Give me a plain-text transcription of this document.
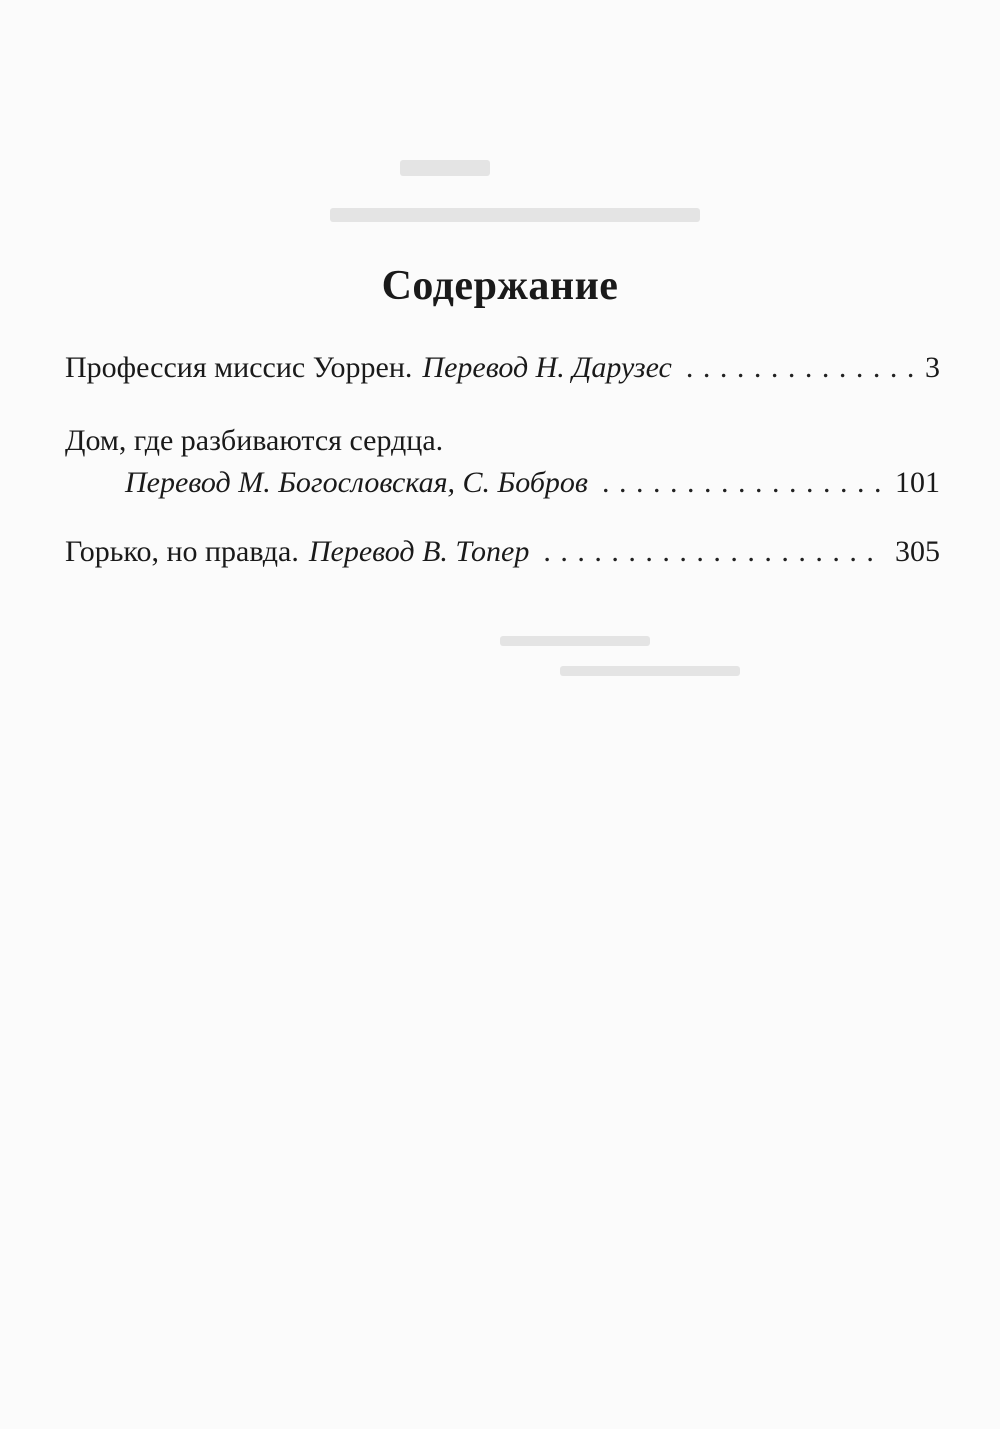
Содержание
Профессия миссис Уоррен. Перевод Н. Дарузес . . .	3
Дом, где разбиваются сердца.
Перевод М. Богословская, С. Бобров . . .	101
Горько, но правда. Перевод В. Топер . . .	305
